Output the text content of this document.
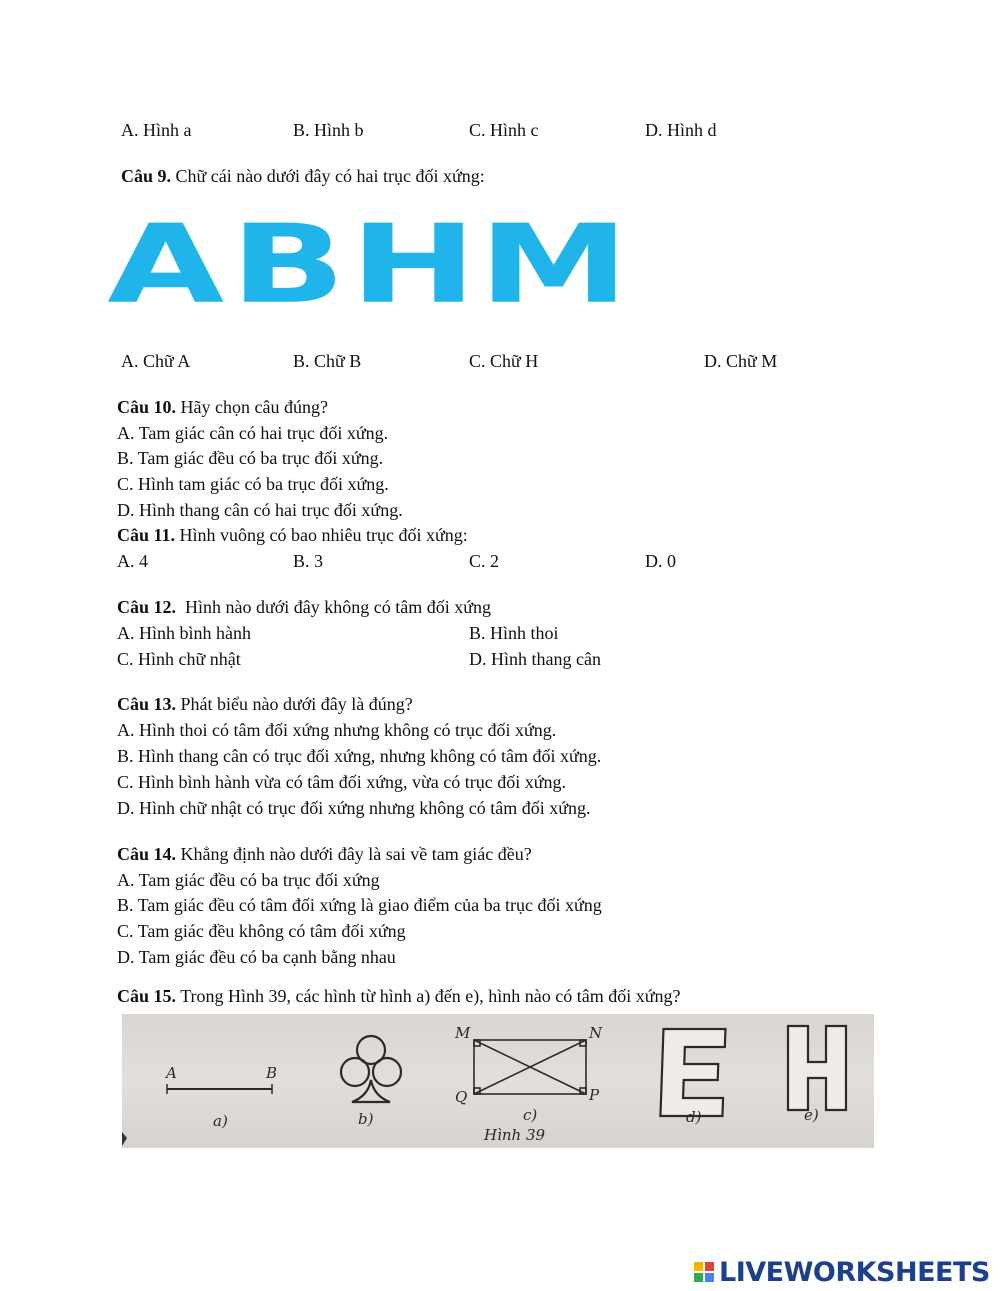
A. Hình a	B. Hình b	C. Hình c	D. Hình d
Câu 9. Chữ cái nào dưới đây có hai trục đối xứng:
A B H M
A. Chữ A	B. Chữ B	C. Chữ H	D. Chữ M
Câu 10. Hãy chọn câu đúng?
A. Tam giác cân có hai trục đối xứng.
B. Tam giác đều có ba trục đối xứng.
C. Hình tam giác có ba trục đối xứng.
D. Hình thang cân có hai trục đối xứng.
Câu 11. Hình vuông có bao nhiêu trục đối xứng:
A. 4	B. 3	C. 2	D. 0
Câu 12.  Hình nào dưới đây không có tâm đối xứng
A. Hình bình hành	B. Hình thoi
C. Hình chữ nhật	D. Hình thang cân
Câu 13. Phát biểu nào dưới đây là đúng?
A. Hình thoi có tâm đối xứng nhưng không có trục đối xứng.
B. Hình thang cân có trục đối xứng, nhưng không có tâm đối xứng.
C. Hình bình hành vừa có tâm đối xứng, vừa có trục đối xứng.
D. Hình chữ nhật có trục đối xứng nhưng không có tâm đối xứng.
Câu 14. Khẳng định nào dưới đây là sai về tam giác đều?
A. Tam giác đều có ba trục đối xứng
B. Tam giác đều có tâm đối xứng là giao điểm của ba trục đối xứng
C. Tam giác đều không có tâm đối xứng
D. Tam giác đều có ba cạnh bằng nhau
Câu 15. Trong Hình 39, các hình từ hình a) đến e), hình nào có tâm đối xứng?
A	B
M	N
P
Q
a)	b)	c)	d)	e)
Hình 39
LIVEWORKSHEETS
